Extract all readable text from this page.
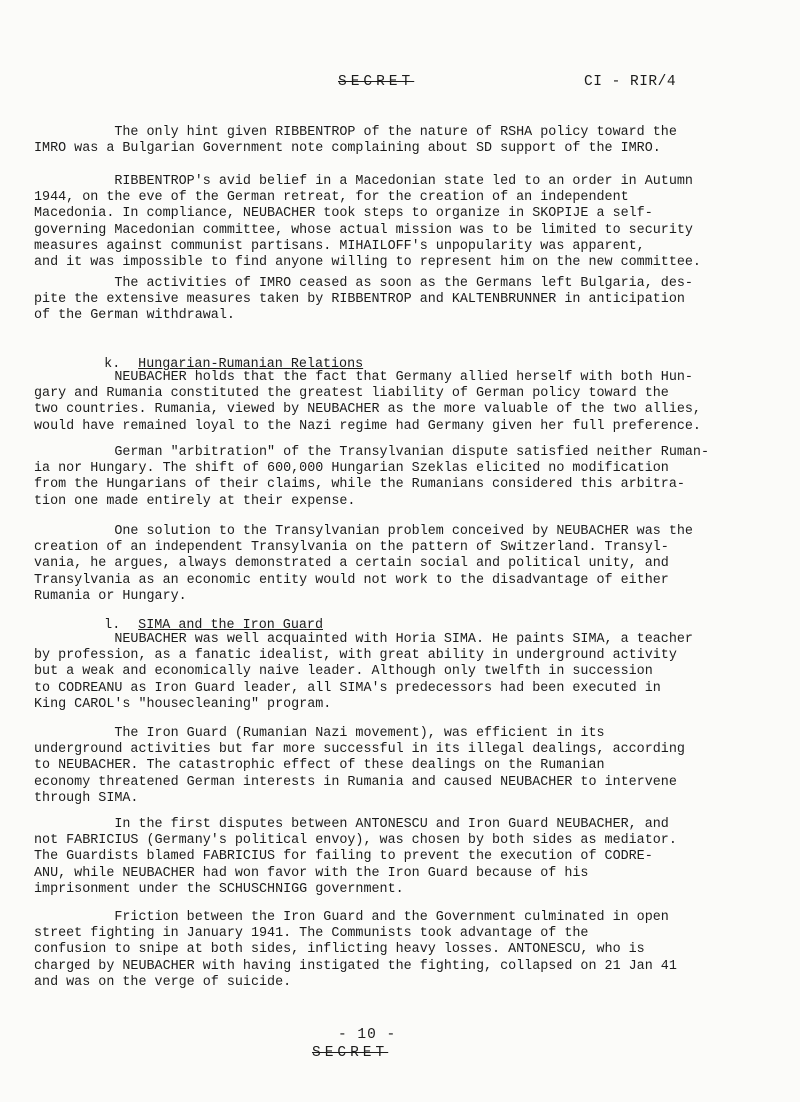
SECRET	CI - RIR/4

The only hint given RIBBENTROP of the nature of RSHA policy toward the
IMRO was a Bulgarian Government note complaining about SD support of the IMRO.

RIBBENTROP's avid belief in a Macedonian state led to an order in Autumn
1944, on the eve of the German retreat, for the creation of an independent
Macedonia. In compliance, NEUBACHER took steps to organize in SKOPIJE a self-
governing Macedonian committee, whose actual mission was to be limited to security
measures against communist partisans. MIHAILOFF's unpopularity was apparent,
and it was impossible to find anyone willing to represent him on the new committee.

The activities of IMRO ceased as soon as the Germans left Bulgaria, des-
pite the extensive measures taken by RIBBENTROP and KALTENBRUNNER in anticipation
of the German withdrawal.

k. Hungarian-Rumanian Relations

NEUBACHER holds that the fact that Germany allied herself with both Hun-
gary and Rumania constituted the greatest liability of German policy toward the
two countries. Rumania, viewed by NEUBACHER as the more valuable of the two allies,
would have remained loyal to the Nazi regime had Germany given her full preference.

German "arbitration" of the Transylvanian dispute satisfied neither Ruman-
ia nor Hungary. The shift of 600,000 Hungarian Szeklas elicited no modification
from the Hungarians of their claims, while the Rumanians considered this arbitra-
tion one made entirely at their expense.

One solution to the Transylvanian problem conceived by NEUBACHER was the
creation of an independent Transylvania on the pattern of Switzerland. Transyl-
vania, he argues, always demonstrated a certain social and political unity, and
Transylvania as an economic entity would not work to the disadvantage of either
Rumania or Hungary.

l. SIMA and the Iron Guard

NEUBACHER was well acquainted with Horia SIMA. He paints SIMA, a teacher
by profession, as a fanatic idealist, with great ability in underground activity
but a weak and economically naive leader. Although only twelfth in succession
to CODREANU as Iron Guard leader, all SIMA's predecessors had been executed in
King CAROL's "housecleaning" program.

The Iron Guard (Rumanian Nazi movement), was efficient in its
underground activities but far more successful in its illegal dealings, according
to NEUBACHER. The catastrophic effect of these dealings on the Rumanian
economy threatened German interests in Rumania and caused NEUBACHER to intervene
through SIMA.

In the first disputes between ANTONESCU and Iron Guard NEUBACHER, and
not FABRICIUS (Germany's political envoy), was chosen by both sides as mediator.
The Guardists blamed FABRICIUS for failing to prevent the execution of CODRE-
ANU, while NEUBACHER had won favor with the Iron Guard because of his
imprisonment under the SCHUSCHNIGG government.

Friction between the Iron Guard and the Government culminated in open
street fighting in January 1941. The Communists took advantage of the
confusion to snipe at both sides, inflicting heavy losses. ANTONESCU, who is
charged by NEUBACHER with having instigated the fighting, collapsed on 21 Jan 41
and was on the verge of suicide.

- 10 -
SECRET
